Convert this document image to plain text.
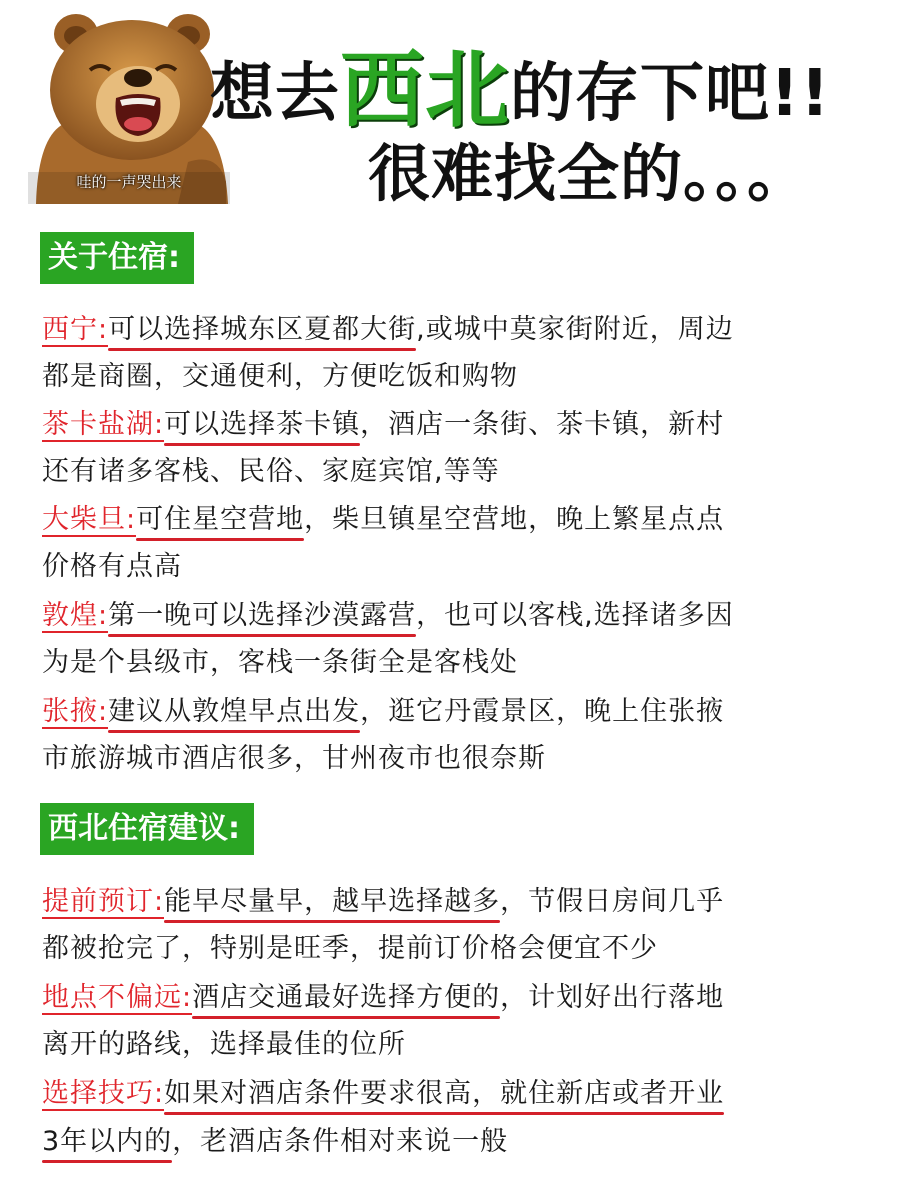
哇的一声哭出来
想去西北的存下吧!!
很难找全的。。。
关于住宿:
西宁:可以选择城东区夏都大街,或城中莫家街附近，周边
都是商圈，交通便利，方便吃饭和购物
茶卡盐湖:可以选择茶卡镇，酒店一条街、茶卡镇，新村
还有诸多客栈、民俗、家庭宾馆,等等
大柴旦:可住星空营地，柴旦镇星空营地，晚上繁星点点
价格有点高
敦煌:第一晚可以选择沙漠露营，也可以客栈,选择诸多因
为是个县级市，客栈一条街全是客栈处
张掖:建议从敦煌早点出发，逛它丹霞景区，晚上住张掖
市旅游城市酒店很多，甘州夜市也很奈斯
西北住宿建议:
提前预订:能早尽量早，越早选择越多，节假日房间几乎
都被抢完了，特别是旺季，提前订价格会便宜不少
地点不偏远:酒店交通最好选择方便的，计划好出行落地
离开的路线，选择最佳的位所
选择技巧:如果对酒店条件要求很高，就住新店或者开业
3年以内的，老酒店条件相对来说一般
